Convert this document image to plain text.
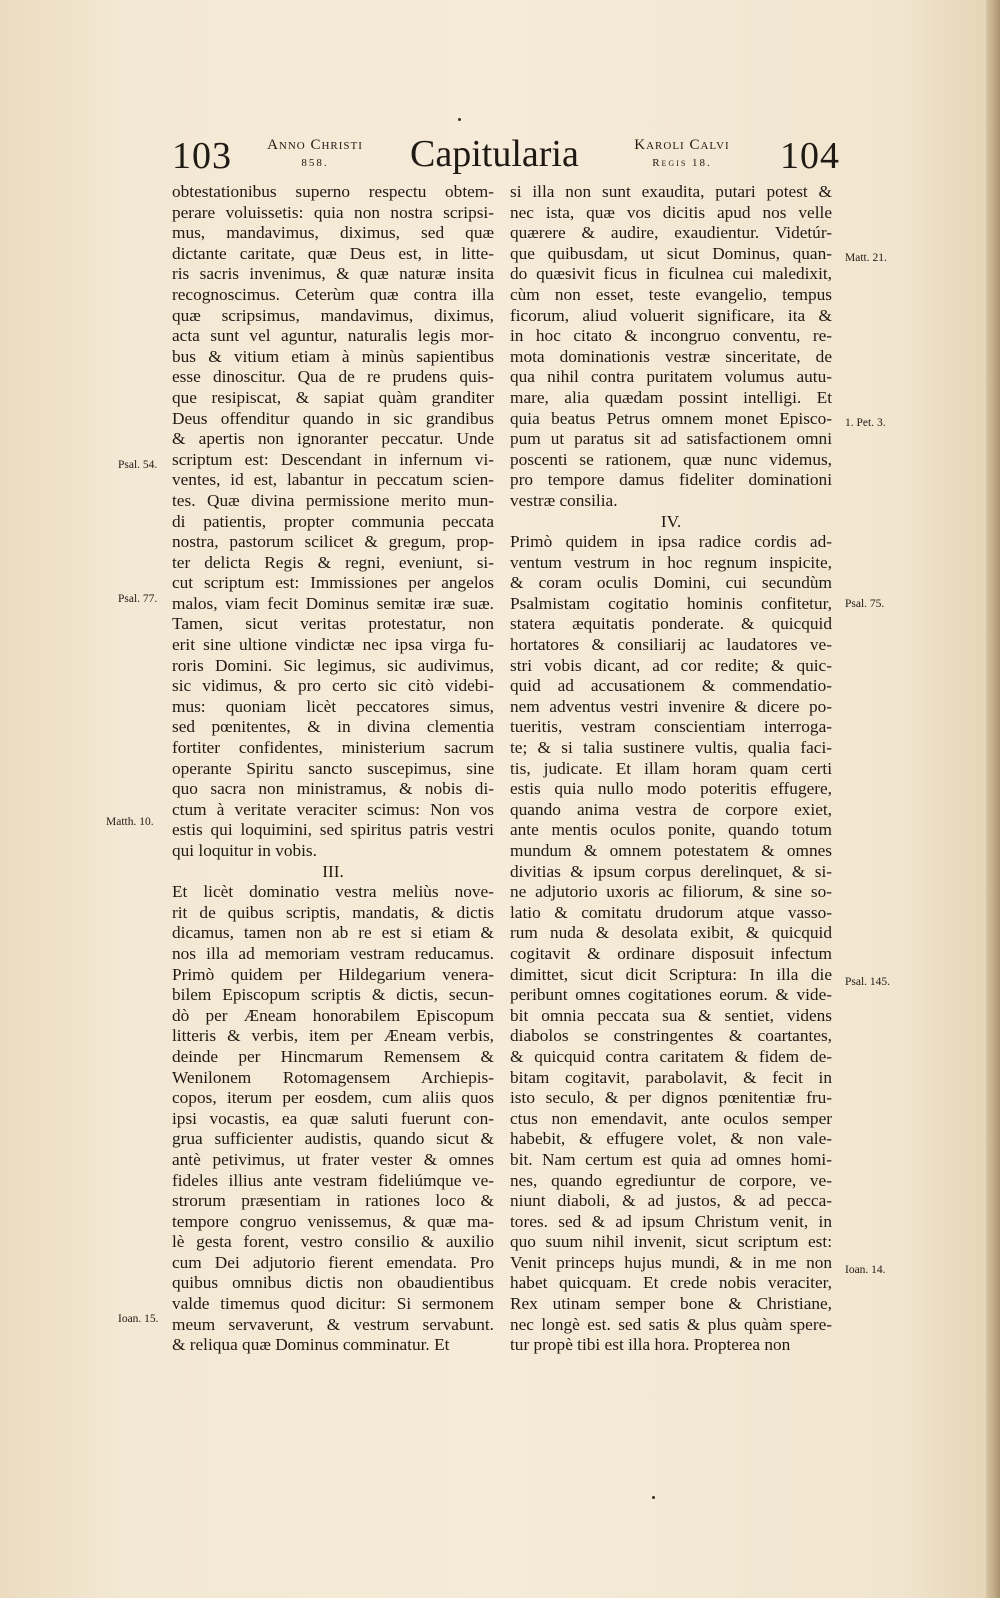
103	Anno Christi
858.	Capitularia	Karoli Calvi
Regis 18.	104
obtestationibus superno respectu obtem-
perare voluissetis: quia non nostra scripsi-
mus, mandavimus, diximus, sed quæ
dictante caritate, quæ Deus est, in litte-
ris sacris invenimus, & quæ naturæ insita
recognoscimus. Ceterùm quæ contra illa
quæ scripsimus, mandavimus, diximus,
acta sunt vel aguntur, naturalis legis mor-
bus & vitium etiam à minùs sapientibus
esse dinoscitur. Qua de re prudens quis-
que resipiscat, & sapiat quàm granditer
Deus offenditur quando in sic grandibus
& apertis non ignoranter peccatur. Unde
scriptum est: Descendant in infernum vi-
ventes, id est, labantur in peccatum scien-
tes. Quæ divina permissione merito mun-
di patientis, propter communia peccata
nostra, pastorum scilicet & gregum, prop-
ter delicta Regis & regni, eveniunt, si-
cut scriptum est: Immissiones per angelos
malos, viam fecit Dominus semitæ iræ suæ.
Tamen, sicut veritas protestatur, non
erit sine ultione vindictæ nec ipsa virga fu-
roris Domini. Sic legimus, sic audivimus,
sic vidimus, & pro certo sic citò videbi-
mus: quoniam licèt peccatores simus,
sed pœnitentes, & in divina clementia
fortiter confidentes, ministerium sacrum
operante Spiritu sancto suscepimus, sine
quo sacra non ministramus, & nobis di-
ctum à veritate veraciter scimus: Non vos
estis qui loquimini, sed spiritus patris vestri
qui loquitur in vobis.
III.
Et licèt dominatio vestra meliùs nove-
rit de quibus scriptis, mandatis, & dictis
dicamus, tamen non ab re est si etiam &
nos illa ad memoriam vestram reducamus.
Primò quidem per Hildegarium venera-
bilem Episcopum scriptis & dictis, secun-
dò per Æneam honorabilem Episcopum
litteris & verbis, item per Æneam verbis,
deinde per Hincmarum Remensem &
Wenilonem Rotomagensem Archiepis-
copos, iterum per eosdem, cum aliis quos
ipsi vocastis, ea quæ saluti fuerunt con-
grua sufficienter audistis, quando sicut &
antè petivimus, ut frater vester & omnes
fideles illius ante vestram fideliúmque ve-
strorum præsentiam in rationes loco &
tempore congruo venissemus, & quæ ma-
lè gesta forent, vestro consilio & auxilio
cum Dei adjutorio fierent emendata. Pro
quibus omnibus dictis non obaudientibus
valde timemus quod dicitur: Si sermonem
meum servaverunt, & vestrum servabunt.
& reliqua quæ Dominus comminatur. Et
si illa non sunt exaudita, putari potest &
nec ista, quæ vos dicitis apud nos velle
quærere & audire, exaudientur. Videtúr-
que quibusdam, ut sicut Dominus, quan-
do quæsivit ficus in ficulnea cui maledixit,
cùm non esset, teste evangelio, tempus
ficorum, aliud voluerit significare, ita &
in hoc citato & incongruo conventu, re-
mota dominationis vestræ sinceritate, de
qua nihil contra puritatem volumus autu-
mare, alia quædam possint intelligi. Et
quia beatus Petrus omnem monet Episco-
pum ut paratus sit ad satisfactionem omni
poscenti se rationem, quæ nunc videmus,
pro tempore damus fideliter dominationi
vestræ consilia.
IV.
Primò quidem in ipsa radice cordis ad-
ventum vestrum in hoc regnum inspicite,
& coram oculis Domini, cui secundùm
Psalmistam cogitatio hominis confitetur,
statera æquitatis ponderate. & quicquid
hortatores & consiliarij ac laudatores ve-
stri vobis dicant, ad cor redite; & quic-
quid ad accusationem & commendatio-
nem adventus vestri invenire & dicere po-
tueritis, vestram conscientiam interroga-
te; & si talia sustinere vultis, qualia faci-
tis, judicate. Et illam horam quam certi
estis quia nullo modo poteritis effugere,
quando anima vestra de corpore exiet,
ante mentis oculos ponite, quando totum
mundum & omnem potestatem & omnes
divitias & ipsum corpus derelinquet, & si-
ne adjutorio uxoris ac filiorum, & sine so-
latio & comitatu drudorum atque vasso-
rum nuda & desolata exibit, & quicquid
cogitavit & ordinare disposuit infectum
dimittet, sicut dicit Scriptura: In illa die
peribunt omnes cogitationes eorum. & vide-
bit omnia peccata sua & sentiet, videns
diabolos se constringentes & coartantes,
& quicquid contra caritatem & fidem de-
bitam cogitavit, parabolavit, & fecit in
isto seculo, & per dignos pœnitentiæ fru-
ctus non emendavit, ante oculos semper
habebit, & effugere volet, & non vale-
bit. Nam certum est quia ad omnes homi-
nes, quando egrediuntur de corpore, ve-
niunt diaboli, & ad justos, & ad pecca-
tores. sed & ad ipsum Christum venit, in
quo suum nihil invenit, sicut scriptum est:
Venit princeps hujus mundi, & in me non
habet quicquam. Et crede nobis veraciter,
Rex utinam semper bone & Christiane,
nec longè est. sed satis & plus quàm spere-
tur propè tibi est illa hora. Propterea non
Psal. 54.
Psal. 77.
Matth. 10.
Ioan. 15.
Matt. 21.
1. Pet. 3.
Psal. 75.
Psal. 145.
Ioan. 14.
